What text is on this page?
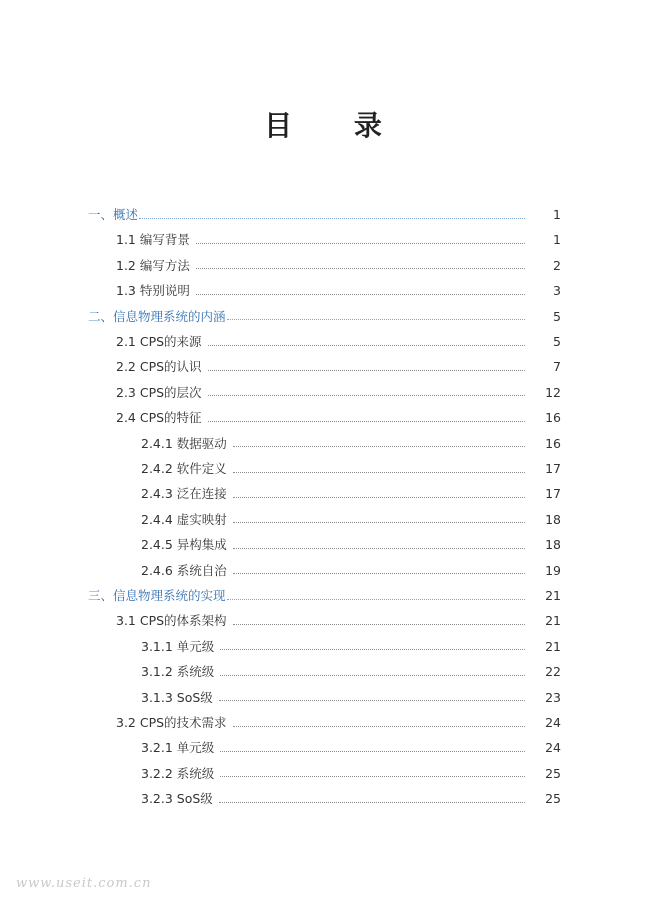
目 录
一、概述	1
1.1 编写背景	1
1.2 编写方法	2
1.3 特别说明	3
二、信息物理系统的内涵	5
2.1 CPS的来源	5
2.2 CPS的认识	7
2.3 CPS的层次	12
2.4 CPS的特征	16
2.4.1 数据驱动	16
2.4.2 软件定义	17
2.4.3 泛在连接	17
2.4.4 虚实映射	18
2.4.5 异构集成	18
2.4.6 系统自治	19
三、信息物理系统的实现	21
3.1 CPS的体系架构	21
3.1.1 单元级	21
3.1.2 系统级	22
3.1.3 SoS级	23
3.2 CPS的技术需求	24
3.2.1 单元级	24
3.2.2 系统级	25
3.2.3 SoS级	25
www.useit.com.cn
